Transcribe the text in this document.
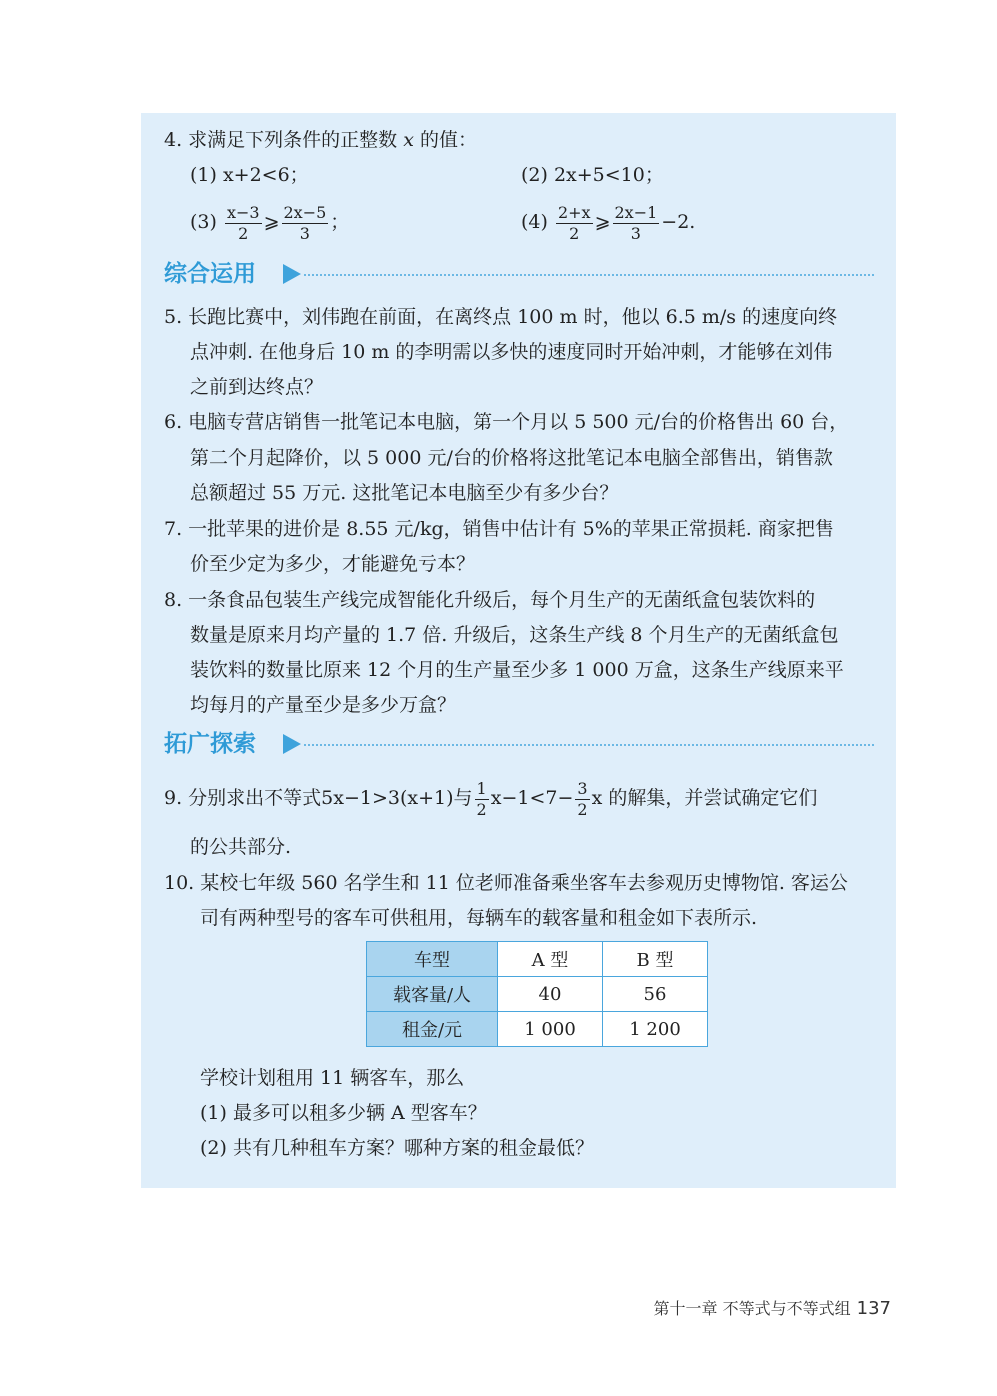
4. 求满足下列条件的正整数 x 的值：
(1) x+2<6；	(2) 2x+5<10；
$(3) \frac{x-3}{2}$ ⩾ $\frac{2x-5}{3}$ ；	$(4) \frac{2+x}{2}$ ⩾ $\frac{2x-1}{3} -2$.
综合运用
5. 长跑比赛中，刘伟跑在前面，在离终点 100 m 时，他以 6.5 m/s 的速度向终
点冲刺. 在他身后 10 m 的李明需以多快的速度同时开始冲刺，才能够在刘伟
之前到达终点？
6. 电脑专营店销售一批笔记本电脑，第一个月以 5 500 元/台的价格售出 60 台，
第二个月起降价，以 5 000 元/台的价格将这批笔记本电脑全部售出，销售款
总额超过 55 万元. 这批笔记本电脑至少有多少台？
7. 一批苹果的进价是 8.55 元/kg，销售中估计有 5%的苹果正常损耗. 商家把售
价至少定为多少，才能避免亏本？
8. 一条食品包装生产线完成智能化升级后，每个月生产的无菌纸盒包装饮料的
数量是原来月均产量的 1.7 倍. 升级后，这条生产线 8 个月生产的无菌纸盒包
装饮料的数量比原来 12 个月的生产量至少多 1 000 万盒，这条生产线原来平
均每月的产量至少是多少万盒？
拓广探索
9. 分别求出不等式5x−1>3(x+1)与 $\frac{1}{2} x-1<7- \frac{3}{2}$ x 的解集，并尝试确定它们
的公共部分.
10. 某校七年级 560 名学生和 11 位老师准备乘坐客车去参观历史博物馆. 客运公
司有两种型号的客车可供租用，每辆车的载客量和租金如下表所示.
车型	A 型	B 型
载客量/人	40	56
租金/元	1 000	1 200
学校计划租用 11 辆客车，那么
(1) 最多可以租多少辆 A 型客车？
(2) 共有几种租车方案？哪种方案的租金最低？
第十一章 不等式与不等式组 137
